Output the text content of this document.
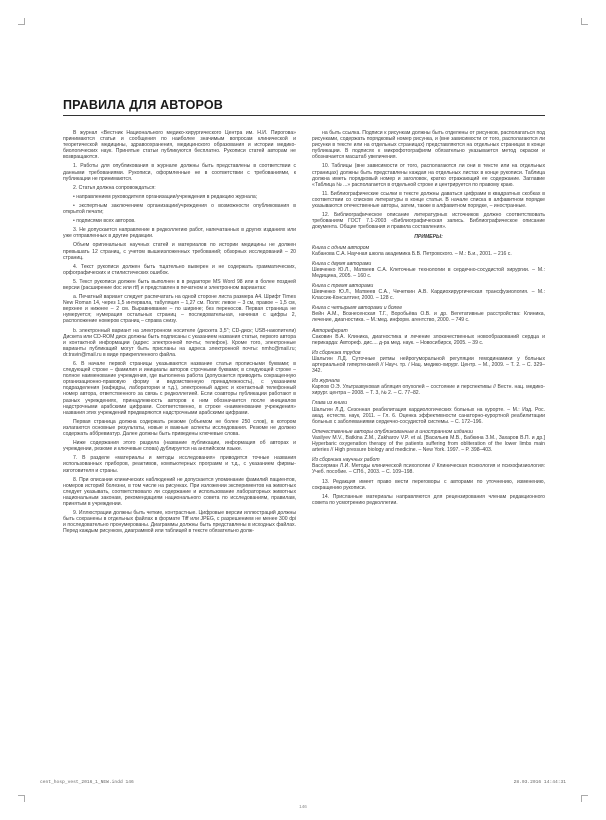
ПРАВИЛА ДЛЯ АВТОРОВ

В журнал «Вестник Национального медико-хирургического Центра им. Н.И. Пирогова» принимаются статьи и сообщения по наиболее значимым вопросам клинической и теоретической медицины, здравоохранения, медицинского образования и истории медико-биологических наук. Принятые статьи публикуются бесплатно. Рукописи статей авторам не возвращаются.

1. Работы для опубликования в журнале должны быть представлены в соответствии с данными требованиями. Рукописи, оформленные не в соответствии с требованиями, к публикации не принимаются.

2. Статья должна сопровождаться:

• направлением руководителя организации/учреждения в редакцию журнала;

• экспертным заключением организации/учреждения о возможности опубликования в открытой печати;

• подписями всех авторов.

3. Не допускается направление в редколлегию работ, напечатанных в других изданиях или уже отправленных в другие редакции.

Объем оригинальных научных статей и материалов по истории медицины не должен превышать 12 страниц, с учетом вышеизложенных требований; обзорных исследований – 20 страниц.

4. Текст рукописи должен быть тщательно выверен и не содержать грамматических, орфографических и стилистических ошибок.

5. Текст рукописи должен быть выполнен в в редакторе MS Word 98 или в более поздней версии (расширение doc или rtf) и представлен в печатном и электронном вариантах:

а. Печатный вариант следует распечатать на одной стороне листа размера А4. Шрифт Times New Roman 14, через 1,5 интервала, табуляция – 1,27 см. Поля: левое – 3 см, правое – 1,5 см, верхнее и нижнее – 2 см. Выравнивание – по ширине; без переносов. Первая страница не нумеруется; нумерация остальных страниц – последовательная, начиная с цифры 2, расположение номеров страниц – справа снизу.

b. электронный вариант на электронном носителе (дискета 3,5"; CD-диск; USB-накопители) Дискета или CD-ROM диск должны быть подписаны с указанием названия статьи, первого автора и контактной информации (адрес электронной почты; телефон). Кроме того, электронные варианты публикаций могут быть присланы на адреса электронной почты: nmhc@mail.ru; dr.travin@mail.ru в виде прикрепленного файла.

6. В начале первой страницы указываются название статьи прописными буквами; в следующей строке – фамилия и инициалы авторов строчными буквами; в следующей строке – полное наименование учреждения, где выполнена работа (допускается приводить сокращенную организационно-правовую форму и ведомственную принадлежность), с указанием подразделения (кафедры, лаборатории и т.д.), электронный адрес и контактный телефонный номер автора, ответственного за связь с редколлегией. Если соавторы публикации работают в разных учреждениях, принадлежность авторов к ним обозначается после инициалов надстрочными арабскими цифрами. Соответственно, в строке «наименование учреждения» названия этих учреждений предваряются надстрочными арабскими цифрами.

Первая страница должна содержать резюме (объемом не более 250 слов), в котором излагаются основные результаты, новые и важные аспекты исследования. Резюме не должно содержать аббревиатур. Далее должны быть приведены ключевые слова.

Ниже содержания этого раздела (название публикации, информация об авторах и учреждении, резюме и ключевые слова) дублируется на английском языке.

7. В разделе «материалы и методы исследования» приводится точные названия использованных приборов, реактивов, компьютерных программ и т.д., с указанием фирмы-изготовителя и страны.

8. При описании клинических наблюдений не допускается упоминание фамилий пациентов, номеров историй болезни, в том числе на рисунках. При изложении экспериментов на животных следует указывать, соответствовало ли содержание и использование лабораторных животных национальным законам, рекомендациям национального совета по исследованиям, правилам, принятым в учреждении.

9. Иллюстрации должны быть четкие, контрастные. Цифровые версии иллюстраций должны быть сохранены в отдельных файлах в формате Tiff или JPEG, с разрешением не менее 300 dpi и последовательно пронумерованы. Диаграммы должны быть представлены в исходных файлах. Перед каждым рисунком, диаграммой или таблицей в тексте обязательно долж-

на быть ссылка. Подписи к рисункам должны быть отделены от рисунков, располагаться под рисунками, содержать порядковый номер рисунка, и (вне зависимости от того, располагаются ли рисунки в тексте или на отдельных страницах) представляются на отдельных страницах в конце публикации. В подписях к микрофотографиям обязательно указывается метод окраски и обозначается масштаб увеличения.

10. Таблицы (вне зависимости от того, располагаются ли они в тексте или на отдельных страницах) должны быть представлены каждая на отдельных листах в конце рукописи. Таблица должна иметь порядковый номер и заголовок, кратко отражающий ее содержание. Заглавие «Таблица № ...» располагается в отдельной строке и центрируется по правому краю.

11. Библиографические ссылки в тексте должны даваться цифрами в квадратных скобках в соответствии со списком литературы в конце статьи. В начале списка в алфавитном порядке указываются отечественные авторы, затем, также в алфавитном порядке, – иностранные.

12. Библиографическое описание литературных источников должно соответствовать требованиям ГОСТ 7.1-2003 «Библиографическая запись. Библиографическое описание документа. Общие требования и правила составления».

ПРИМЕРЫ:

Книга с одним автором

Кабанова С.А. Научная школа академика Б.В. Петровского. – М.: Б.и., 2001. – 216 с.

Книга с двумя авторами

Шевченко Ю.Л., Матвеев С.А. Клеточные технологии в сердечно-сосудистой хирургии. – М.: Медицина, 2005. – 160 с.

Книга с тремя авторами

Шевченко Ю.Л., Матвеев С.А., Чечеткин А.В. Кардиохирургическая трансфузиология. – М.: Классик-Консалтинг, 2000. – 128 с.

Книга с четырьмя авторами и более

Вейн А.М., Вознесенская Т.Г., Воробьёва О.В. и др. Вегетативные расстройства: Клиника, лечение, диагностика. – М.:мед. информ. агентство, 2000. – 749 с.

Автореферат

Саковин В.А. Клиника, диагностика и лечение злокачественных новообразований сердца и перикарда: Автореф. дис.... д-ра мед. наук. – Новосибирск, 2005. – 39 с.

Из сборника трудов

Шальгин Л.Д. Суточные ритмы нейрогуморальной регуляции гемодинамики у больных артериальной гипертензией // Науч. тр. / Нац. медико-хирург. Центр. – М., 2009. – Т. 2. – С. 329–342.

Из журнала

Карпов О.Э. Ультразвуковая абляция опухолей – состояние и перспективы // Вестн. нац. медико-хирург. центра – 2008. – Т. 3, № 2. – С. 77–82.

Глава из книги

Шальгин Л.Д. Сезонная реабилитация кардиологических больных на курорте. – М.: Изд. Рос. акад. естеств. наук, 2011. – Гл. 6. Оценка эффективности санаторно-курортной реабилитации больных с заболеваниями сердечно-сосудистой системы. – С. 172–196.

Отечественные авторы опубликованные в иностранном издании

Vasilyev M.V., Batkina Z.M., Zakharov V.P. et al. [Васильев М.В., Бабкина З.М., Захаров В.П. и др.] Hyperbaric oxygenation therapy of the patients suffering from obliteration of the lower limbs main arteries // High pressure biology and medicine. – New York. 1997. – P. 398–403.

Из сборника научных работ

Вассерман Л.И. Методы клинической психологии // Клиническая психология и психофизиология: Учеб. пособие. – СПб., 2003. – С. 109–198.

13. Редакция имеет право вести переговоры с авторами по уточнению, изменению, сокращению рукописи.

14. Присланные материалы направляются для рецензирования членам редакционного совета по усмотрению редколлегии.

cent_hosp_vest_2016_1_NEW.indd 146	28.03.2016 14:44:31
146
